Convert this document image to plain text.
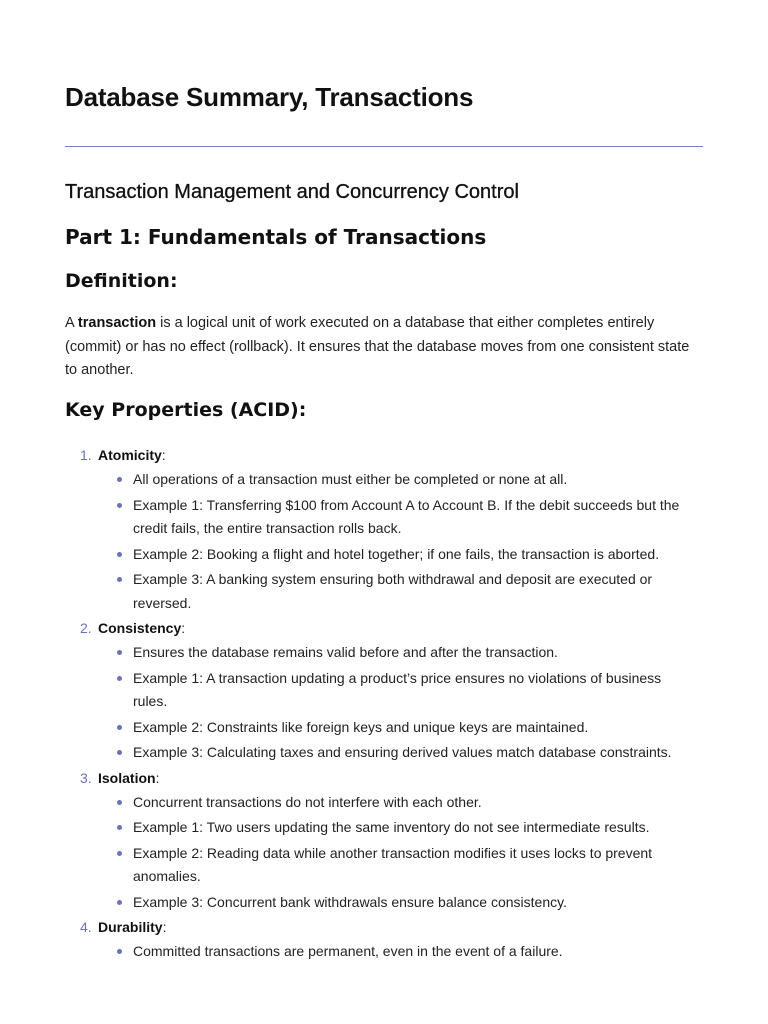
Database Summary, Transactions
Transaction Management and Concurrency Control
Part 1: Fundamentals of Transactions
Definition:

A transaction is a logical unit of work executed on a database that either completes entirely (commit) or has no effect (rollback). It ensures that the database moves from one consistent state to another.

Key Properties (ACID):
1. Atomicity:
All operations of a transaction must either be completed or none at all.
Example 1: Transferring $100 from Account A to Account B. If the debit succeeds but the credit fails, the entire transaction rolls back.
Example 2: Booking a flight and hotel together; if one fails, the transaction is aborted.
Example 3: A banking system ensuring both withdrawal and deposit are executed or reversed.
2. Consistency:
Ensures the database remains valid before and after the transaction.
Example 1: A transaction updating a product’s price ensures no violations of business rules.
Example 2: Constraints like foreign keys and unique keys are maintained.
Example 3: Calculating taxes and ensuring derived values match database constraints.
3. Isolation:
Concurrent transactions do not interfere with each other.
Example 1: Two users updating the same inventory do not see intermediate results.
Example 2: Reading data while another transaction modifies it uses locks to prevent anomalies.
Example 3: Concurrent bank withdrawals ensure balance consistency.
4. Durability:
Committed transactions are permanent, even in the event of a failure.
